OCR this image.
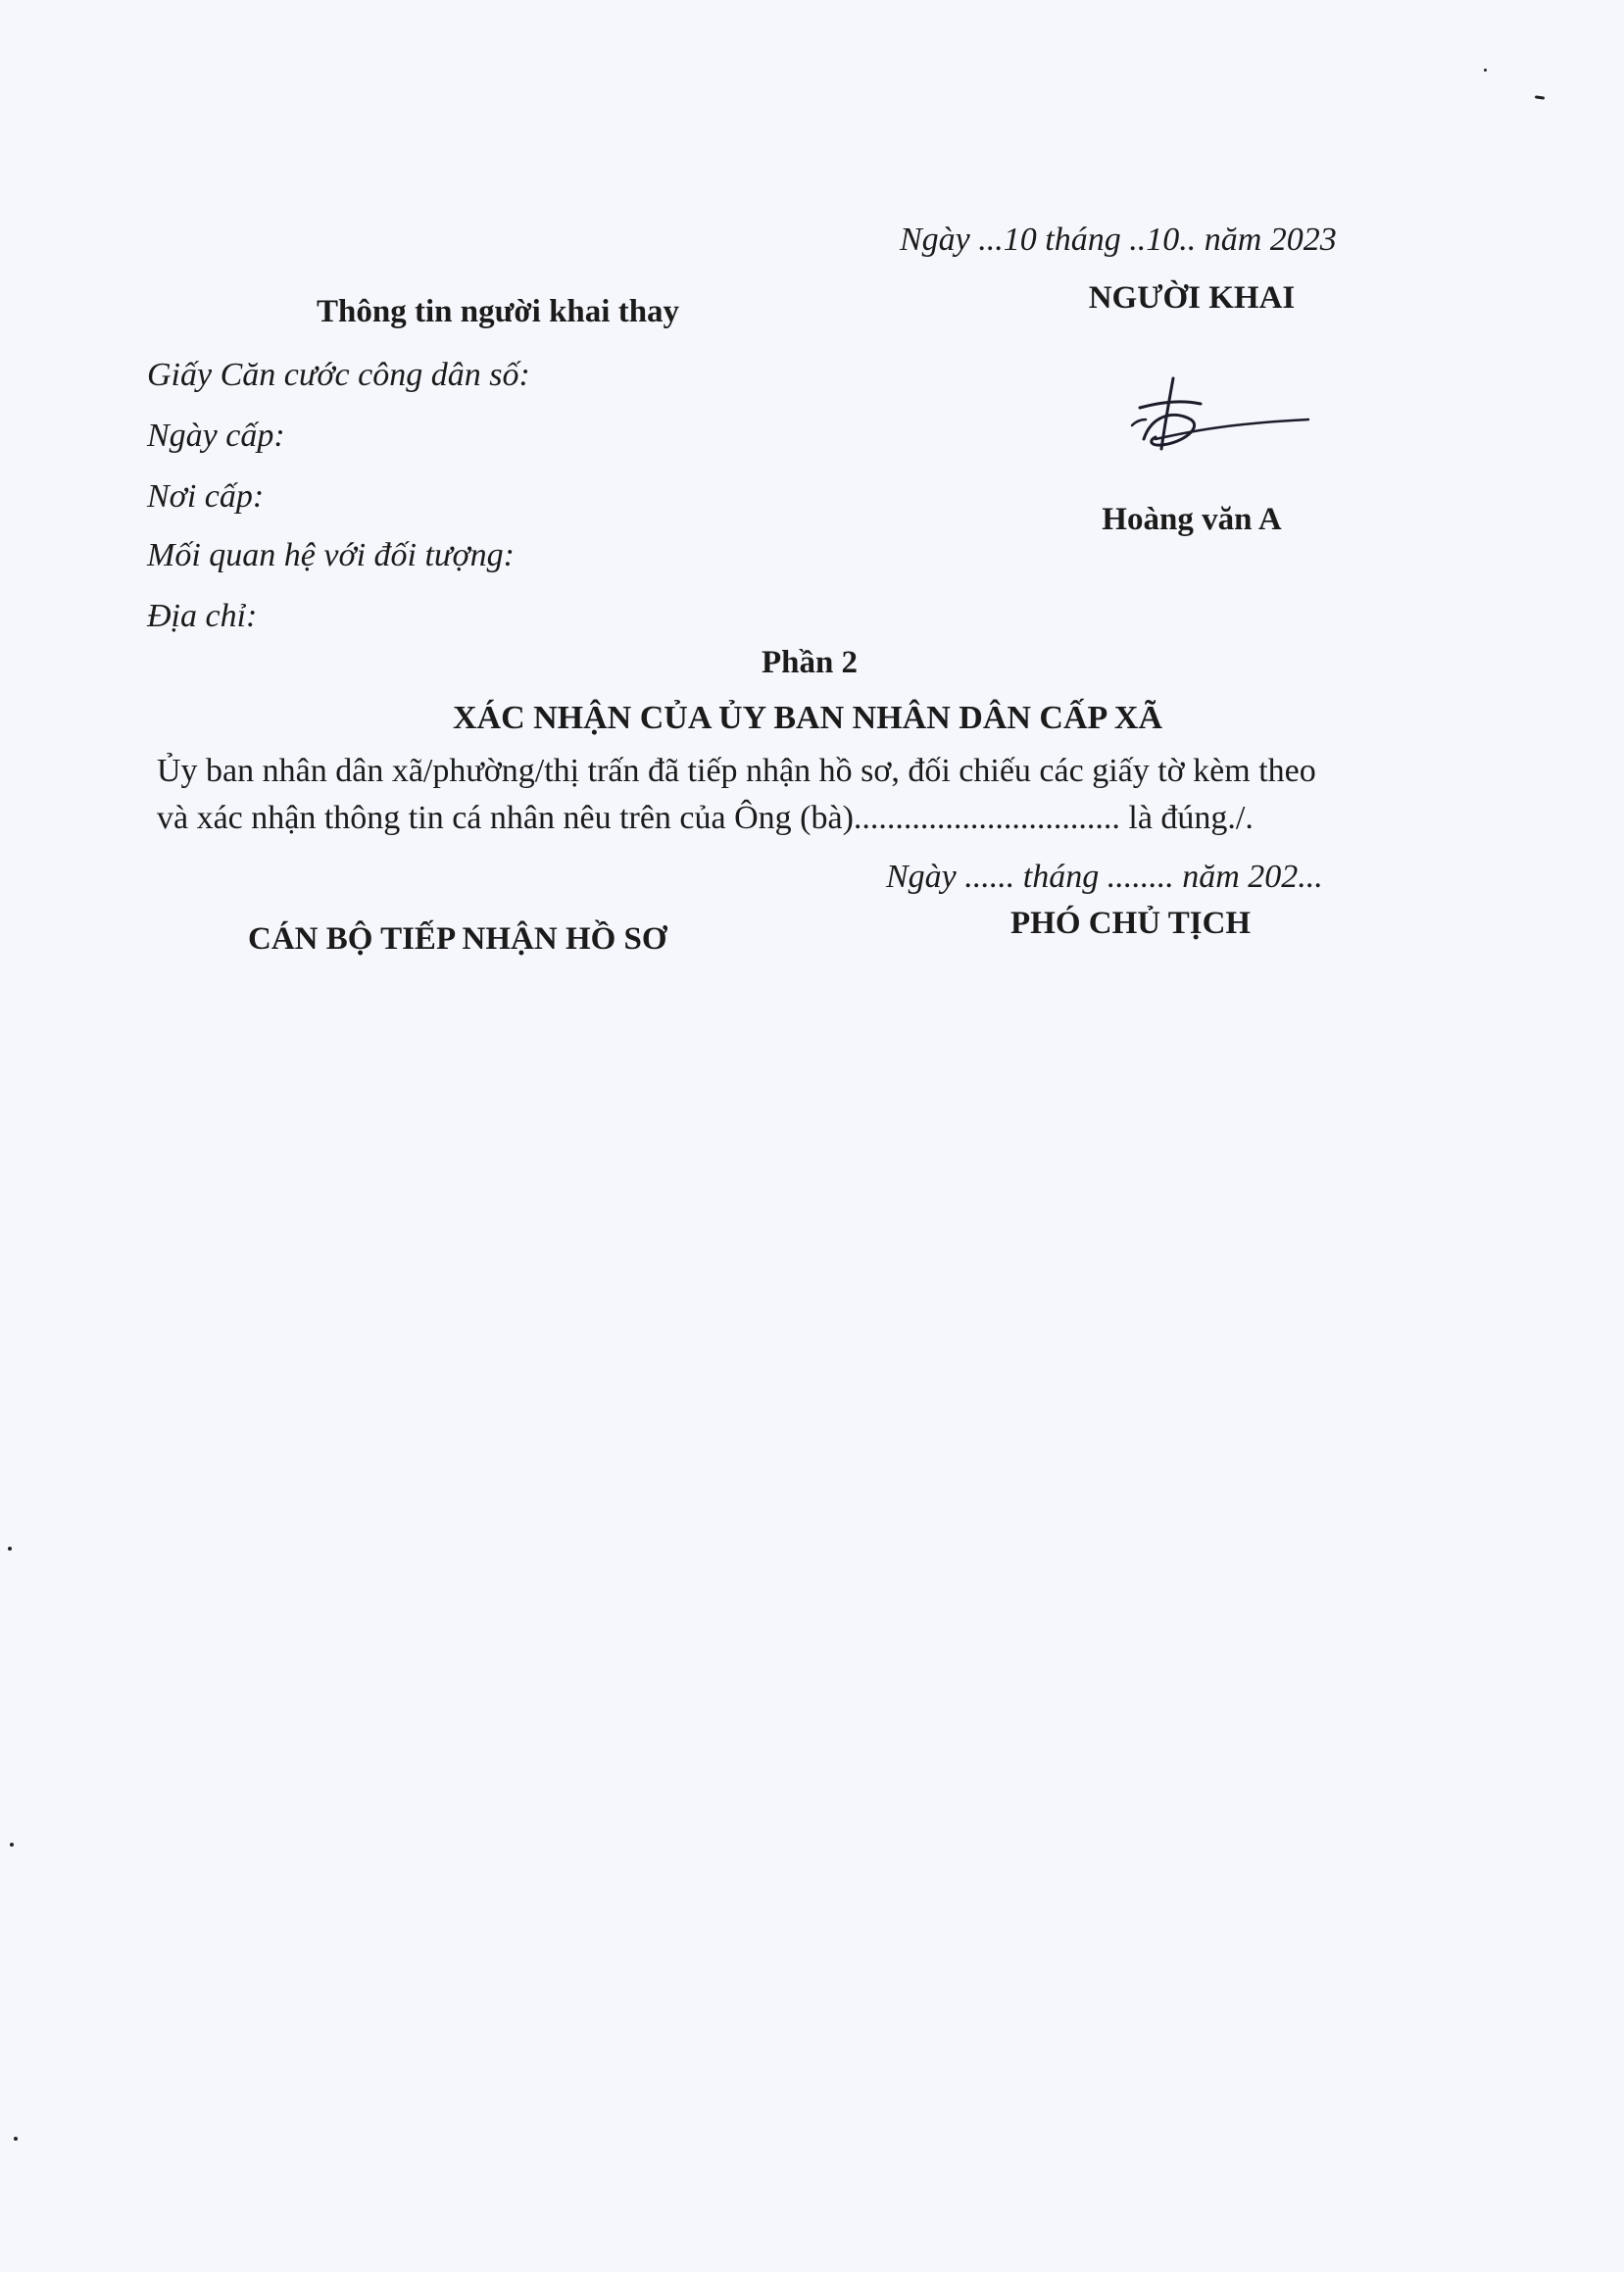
Ngày ...10 tháng ..10.. năm 2023
NGƯỜI KHAI
Hoàng văn A
Thông tin người khai thay
Giấy Căn cước công dân số:
Ngày cấp:
Nơi cấp:
Mối quan hệ với đối tượng:
Địa chỉ:
Phần 2
XÁC NHẬN CỦA ỦY BAN NHÂN DÂN CẤP XÃ
Ủy ban nhân dân xã/phường/thị trấn đã tiếp nhận hồ sơ, đối chiếu các giấy tờ kèm theo
và xác nhận thông tin cá nhân nêu trên của Ông (bà)................................ là đúng./.
Ngày ...... tháng ........ năm 202...
CÁN BỘ TIẾP NHẬN HỒ SƠ	PHÓ CHỦ TỊCH
